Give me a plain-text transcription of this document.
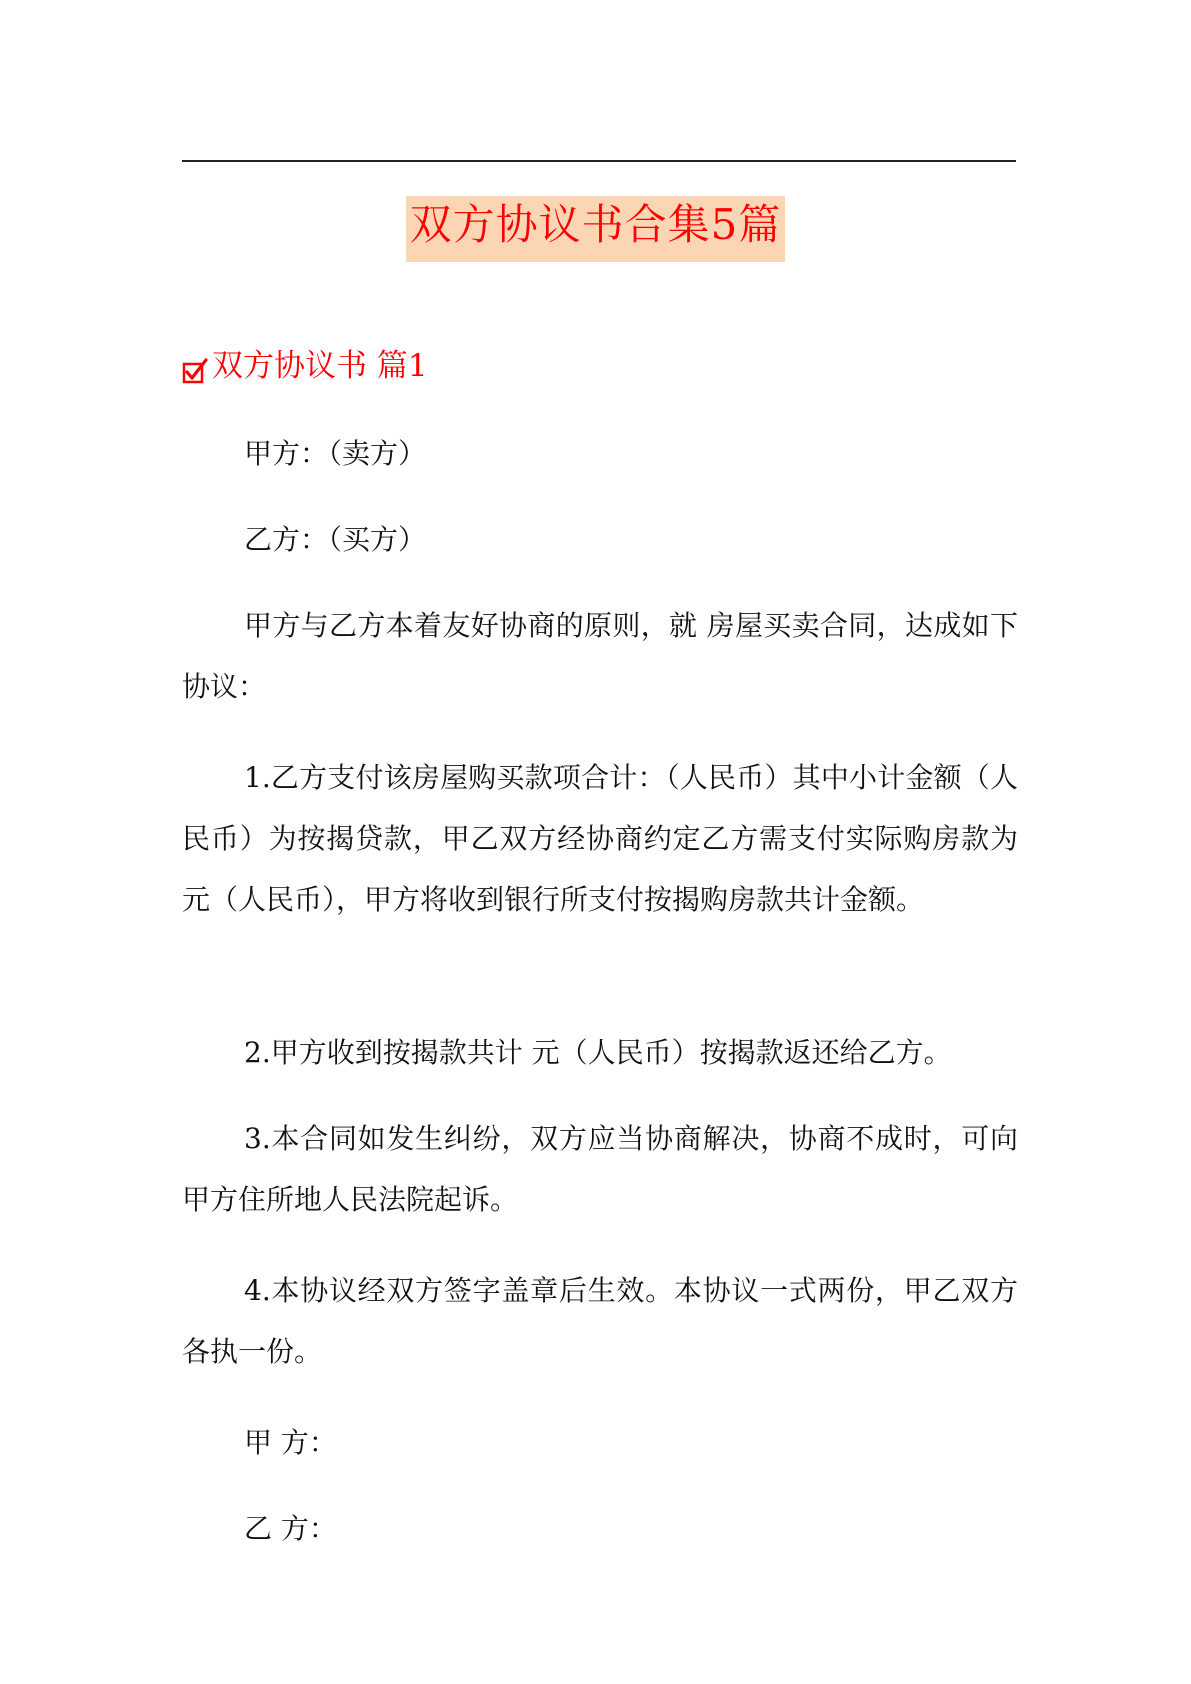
双方协议书合集5篇
双方协议书 篇1

甲方：（卖方）

乙方：（买方）

甲方与乙方本着友好协商的原则，就 房屋买卖合同，达成如下协议：

1.乙方支付该房屋购买款项合计：（人民币）其中小计金额（人民币）为按揭贷款，甲乙双方经协商约定乙方需支付实际购房款为 元（人民币），甲方将收到银行所支付按揭购房款共计金额。

2.甲方收到按揭款共计 元（人民币）按揭款返还给乙方。

3.本合同如发生纠纷，双方应当协商解决，协商不成时，可向甲方住所地人民法院起诉。

4.本协议经双方签字盖章后生效。本协议一式两份，甲乙双方各执一份。

甲 方：

乙 方：
